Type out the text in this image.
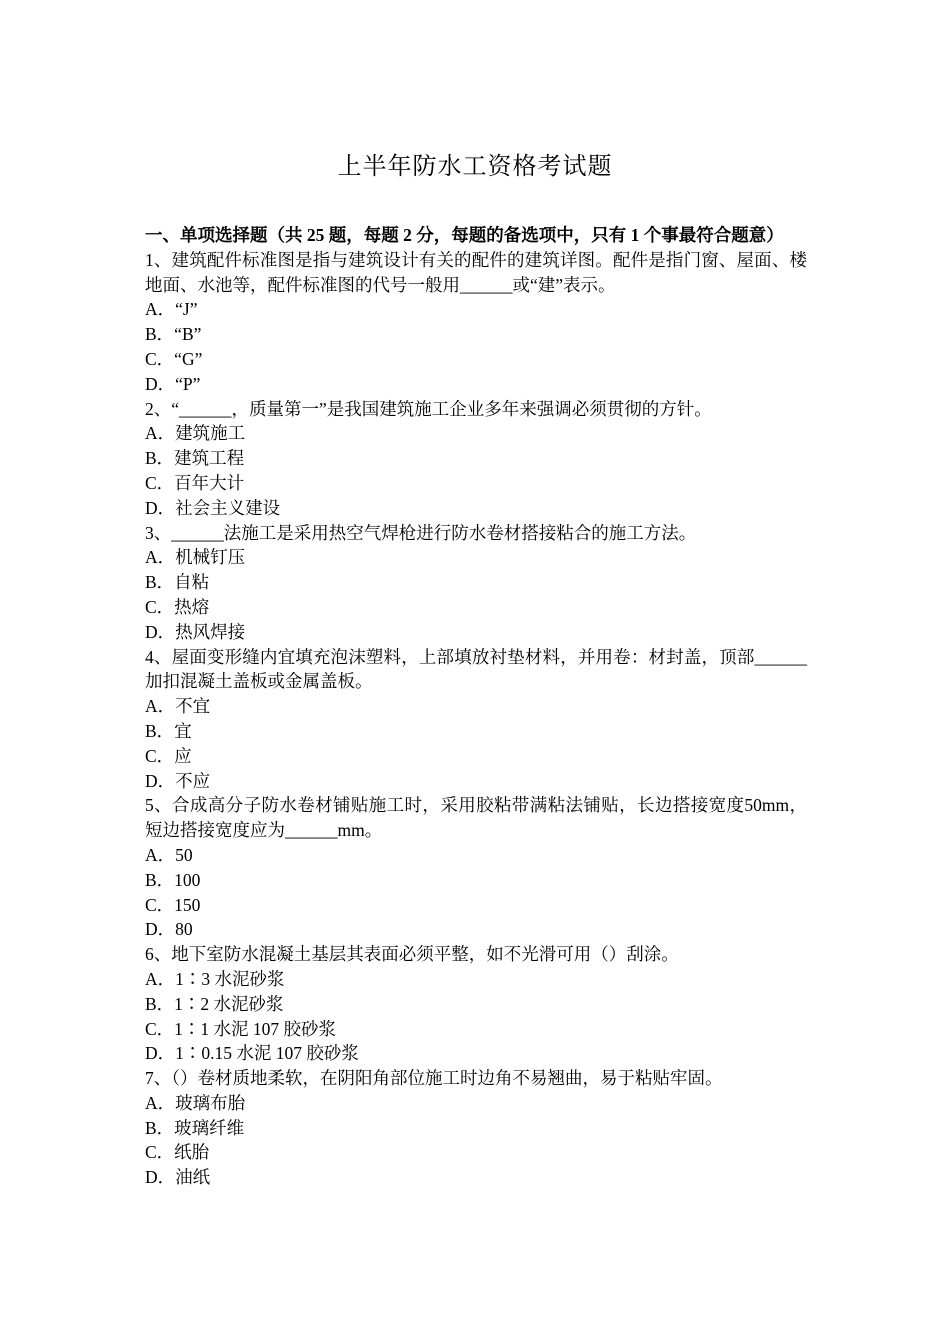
上半年防水工资格考试题
一、单项选择题（共 25 题，每题 2 分，每题的备选项中，只有 1 个事最符合题意）
1、建筑配件标准图是指与建筑设计有关的配件的建筑详图。配件是指门窗、屋面、楼地面、水池等，配件标准图的代号一般用______或“建”表示。
A．“J”
B．“B”
C．“G”
D．“P”
2、“______，质量第一”是我国建筑施工企业多年来强调必须贯彻的方针。
A．建筑施工
B．建筑工程
C．百年大计
D．社会主义建设
3、______法施工是采用热空气焊枪进行防水卷材搭接粘合的施工方法。
A．机械钉压
B．自粘
C．热熔
D．热风焊接
4、屋面变形缝内宜填充泡沫塑料，上部填放衬垫材料，并用卷：材封盖，顶部______加扣混凝土盖板或金属盖板。
A．不宜
B．宜
C．应
D．不应
5、合成高分子防水卷材铺贴施工时，采用胶粘带满粘法铺贴，长边搭接宽度50mm，短边搭接宽度应为______mm。
A．50
B．100
C．150
D．80
6、地下室防水混凝土基层其表面必须平整，如不光滑可用（）刮涂。
A．1∶3 水泥砂浆
B．1∶2 水泥砂浆
C．1∶1 水泥 107 胶砂浆
D．1∶0.15 水泥 107 胶砂浆
7、（）卷材质地柔软，在阴阳角部位施工时边角不易翘曲，易于粘贴牢固。
A．玻璃布胎
B．玻璃纤维
C．纸胎
D．油纸
